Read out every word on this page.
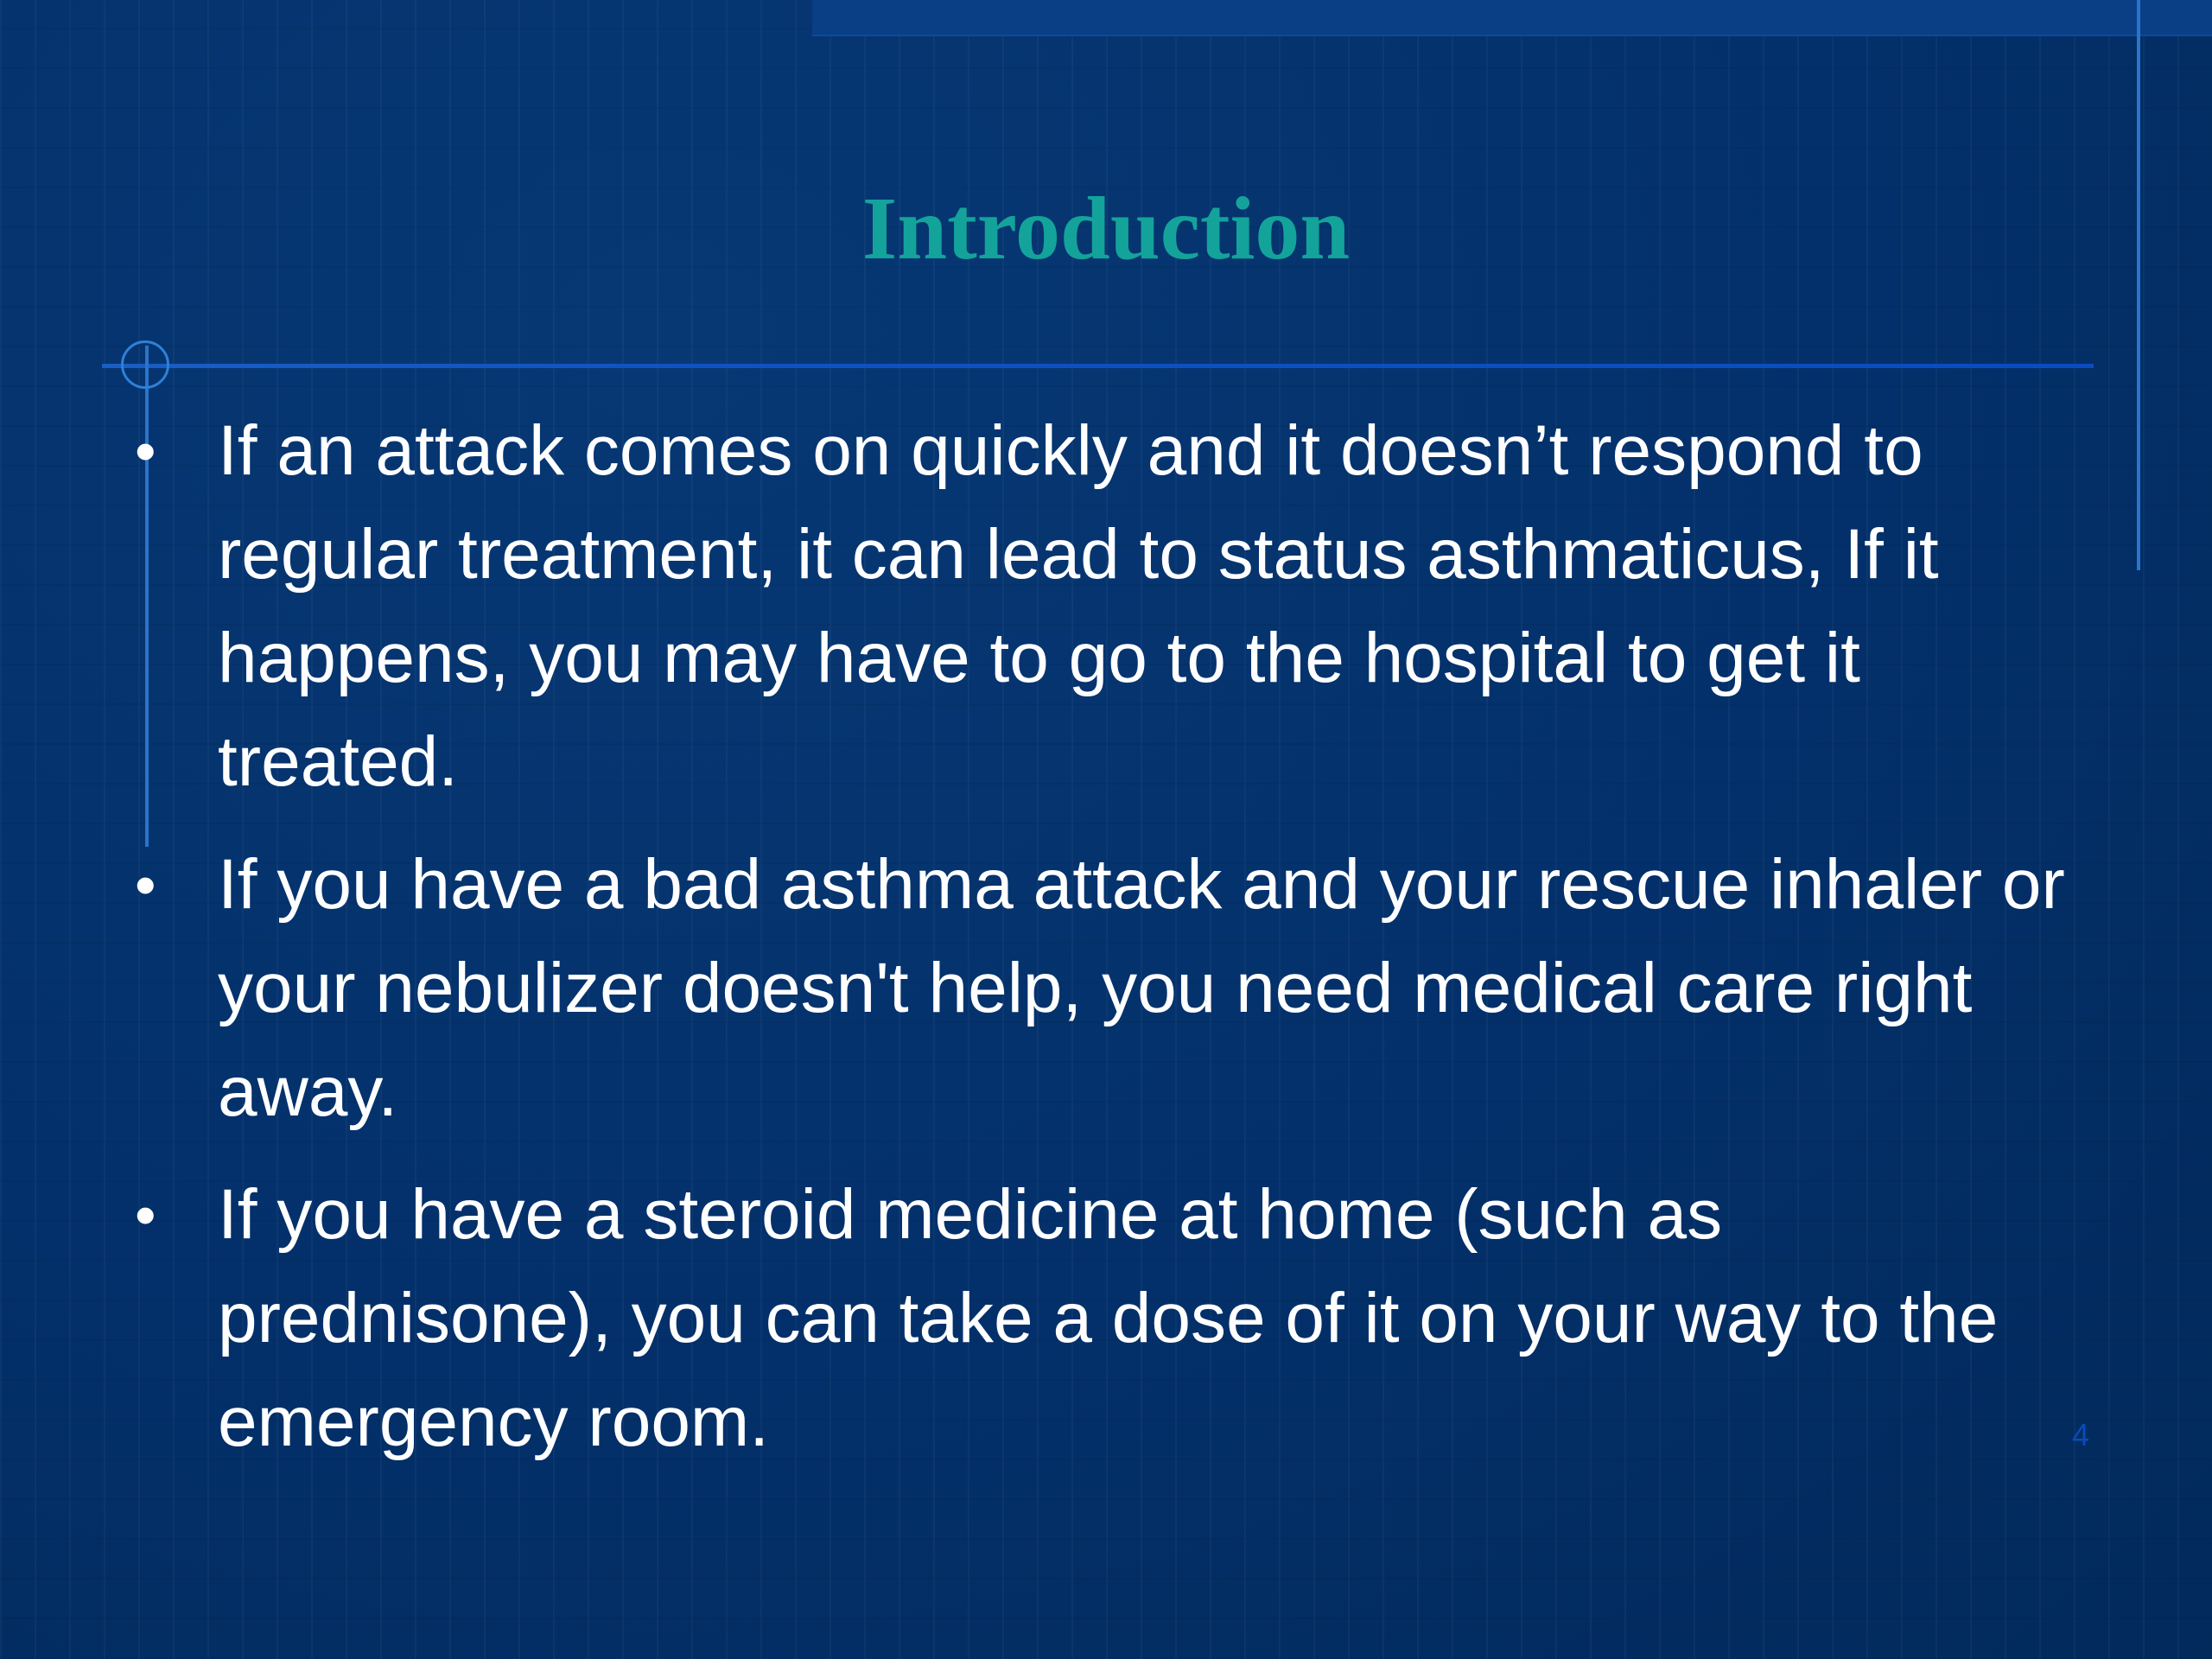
Introduction
• If an attack comes on quickly and it doesn’t respond to regular treatment, it can lead to status asthmaticus, If it happens, you may have to go to the hospital to get it treated.
• If you have a bad asthma attack and your rescue inhaler or your nebulizer doesn't help, you need medical care right away.
• If you have a steroid medicine at home (such as prednisone), you can take a dose of it on your way to the emergency room.	4
